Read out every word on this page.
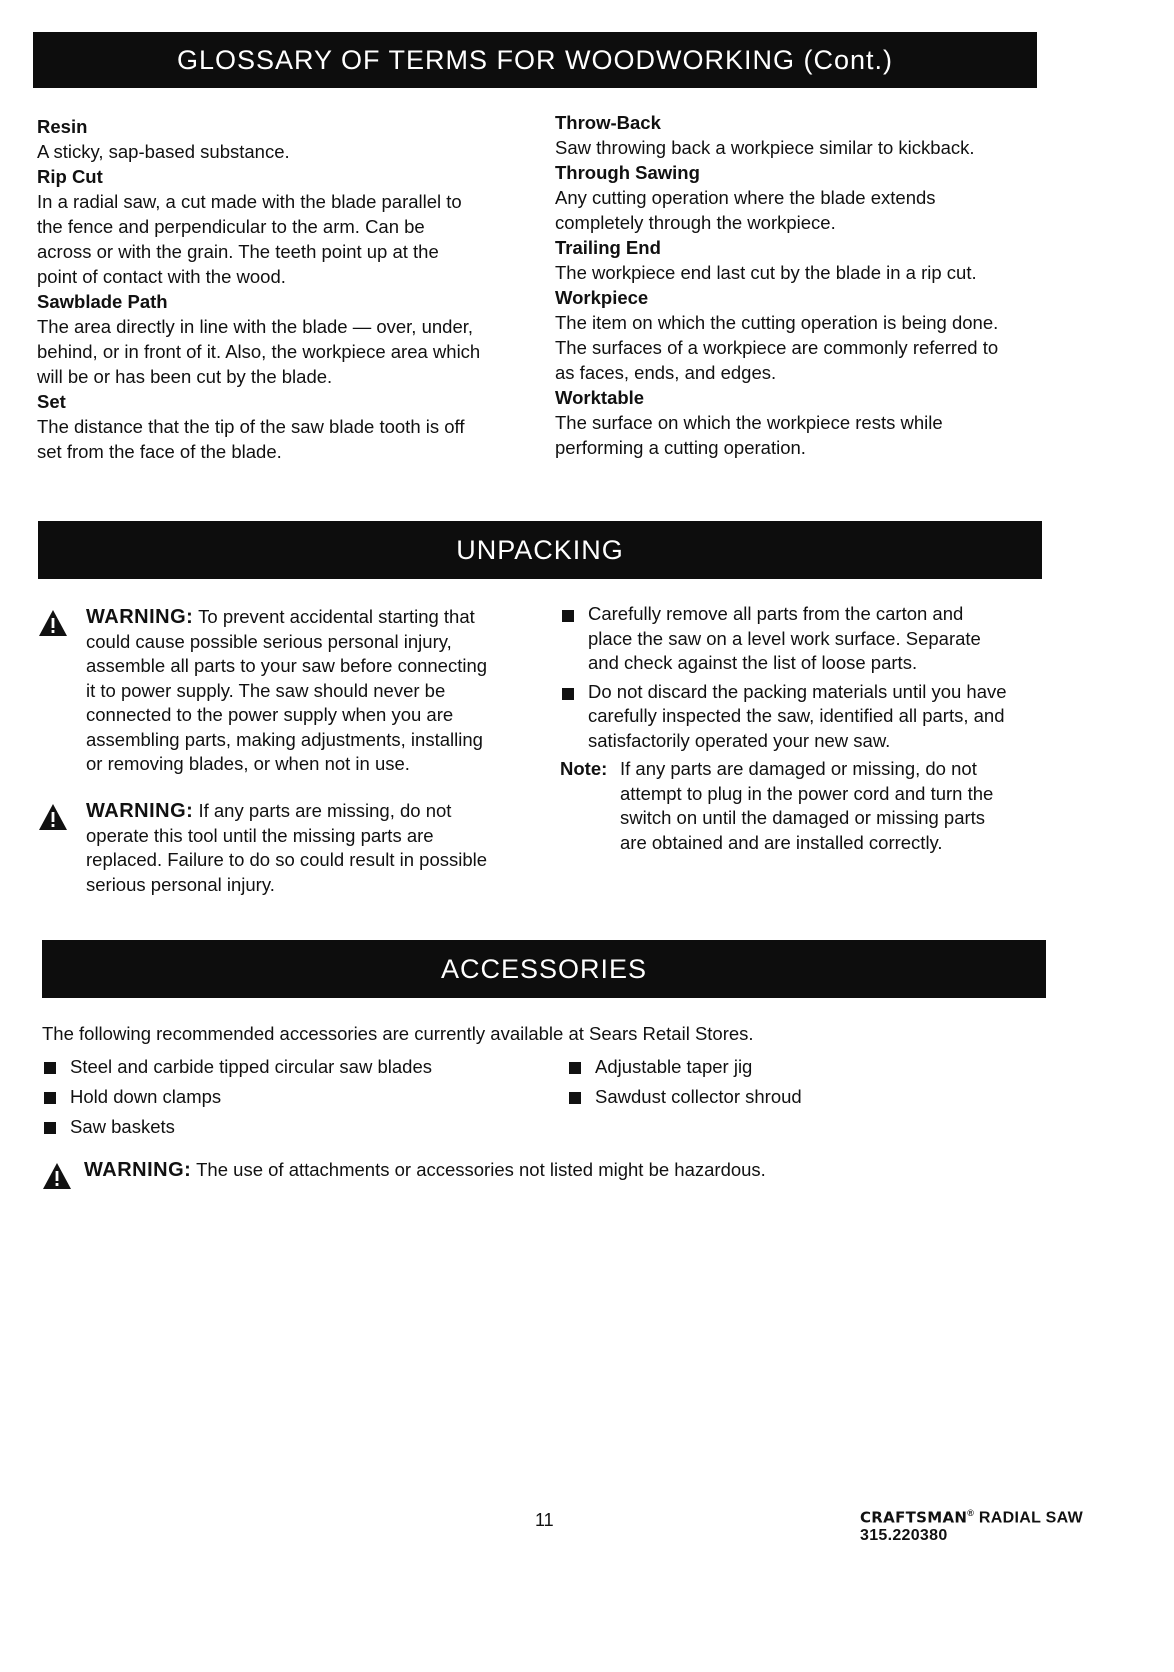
GLOSSARY OF TERMS FOR WOODWORKING (Cont.)
Resin
A sticky, sap-based substance.
Rip Cut
In a radial saw, a cut made with the blade parallel to
the fence and perpendicular to the arm. Can be
across or with the grain. The teeth point up at the
point of contact with the wood.
Sawblade Path
The area directly in line with the blade — over, under,
behind, or in front of it. Also, the workpiece area which
will be or has been cut by the blade.
Set
The distance that the tip of the saw blade tooth is off
set from the face of the blade.
Throw-Back
Saw throwing back a workpiece similar to kickback.
Through Sawing
Any cutting operation where the blade extends
completely through the workpiece.
Trailing End
The workpiece end last cut by the blade in a rip cut.
Workpiece
The item on which the cutting operation is being done.
The surfaces of a workpiece are commonly referred to
as faces, ends, and edges.
Worktable
The surface on which the workpiece rests while
performing a cutting operation.
UNPACKING
WARNING: To prevent accidental starting that
could cause possible serious personal injury,
assemble all parts to your saw before connecting
it to power supply. The saw should never be
connected to the power supply when you are
assembling parts, making adjustments, installing
or removing blades, or when not in use.
WARNING: If any parts are missing, do not
operate this tool until the missing parts are
replaced. Failure to do so could result in possible
serious personal injury.
Carefully remove all parts from the carton and
place the saw on a level work surface. Separate
and check against the list of loose parts.
Do not discard the packing materials until you have
carefully inspected the saw, identified all parts, and
satisfactorily operated your new saw.
Note: If any parts are damaged or missing, do not
attempt to plug in the power cord and turn the
switch on until the damaged or missing parts
are obtained and are installed correctly.
ACCESSORIES
The following recommended accessories are currently available at Sears Retail Stores.
Steel and carbide tipped circular saw blades
Hold down clamps
Saw baskets
Adjustable taper jig
Sawdust collector shroud
WARNING: The use of attachments or accessories not listed might be hazardous.
11	CRAFTSMAN® RADIAL SAW 315.220380
